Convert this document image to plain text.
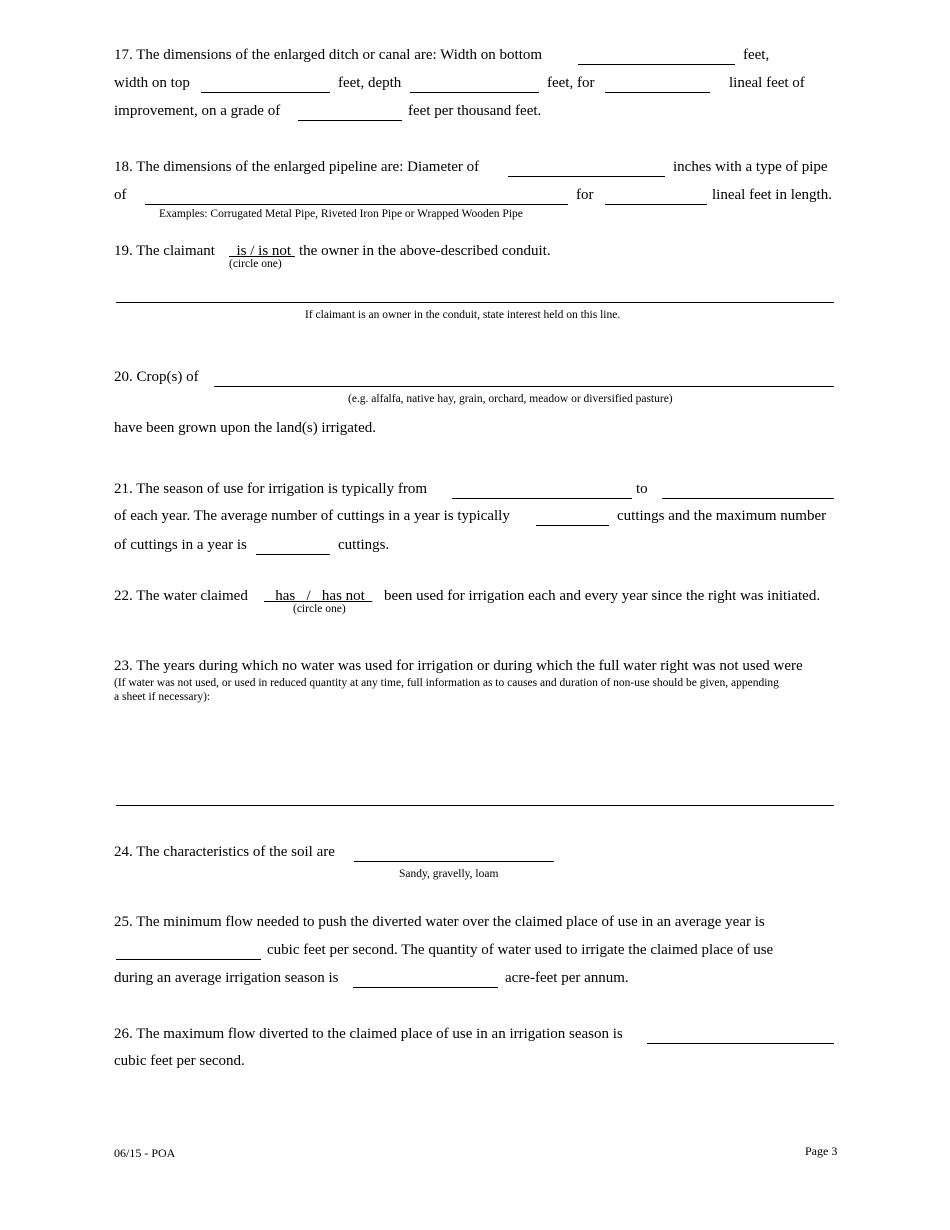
17. The dimensions of the enlarged ditch or canal are: Width on bottom	feet,
width on top	feet, depth	feet, for	lineal feet of
improvement, on a grade of	feet per thousand feet.
18. The dimensions of the enlarged pipeline are: Diameter of	inches with a type of pipe
of	for	lineal feet in length.
Examples: Corrugated Metal Pipe, Riveted Iron Pipe or Wrapped Wooden Pipe
19. The claimant	is / is not the owner in the above-described conduit.
(circle one)
If claimant is an owner in the conduit, state interest held on this line.
20. Crop(s) of
(e.g. alfalfa, native hay, grain, orchard, meadow or diversified pasture)
have been grown upon the land(s) irrigated.
21. The season of use for irrigation is typically from	to
of each year. The average number of cuttings in a year is typically	cuttings and the maximum number
of cuttings in a year is	cuttings.
22. The water claimed	has / has not	been used for irrigation each and every year since the right was initiated.
(circle one)
23. The years during which no water was used for irrigation or during which the full water right was not used were
(If water was not used, or used in reduced quantity at any time, full information as to causes and duration of non-use should be given, appending
a sheet if necessary):
24. The characteristics of the soil are
Sandy, gravelly, loam
25. The minimum flow needed to push the diverted water over the claimed place of use in an average year is
cubic feet per second. The quantity of water used to irrigate the claimed place of use
during an average irrigation season is	acre-feet per annum.
26. The maximum flow diverted to the claimed place of use in an irrigation season is
cubic feet per second.
06/15 - POA	Page 3
